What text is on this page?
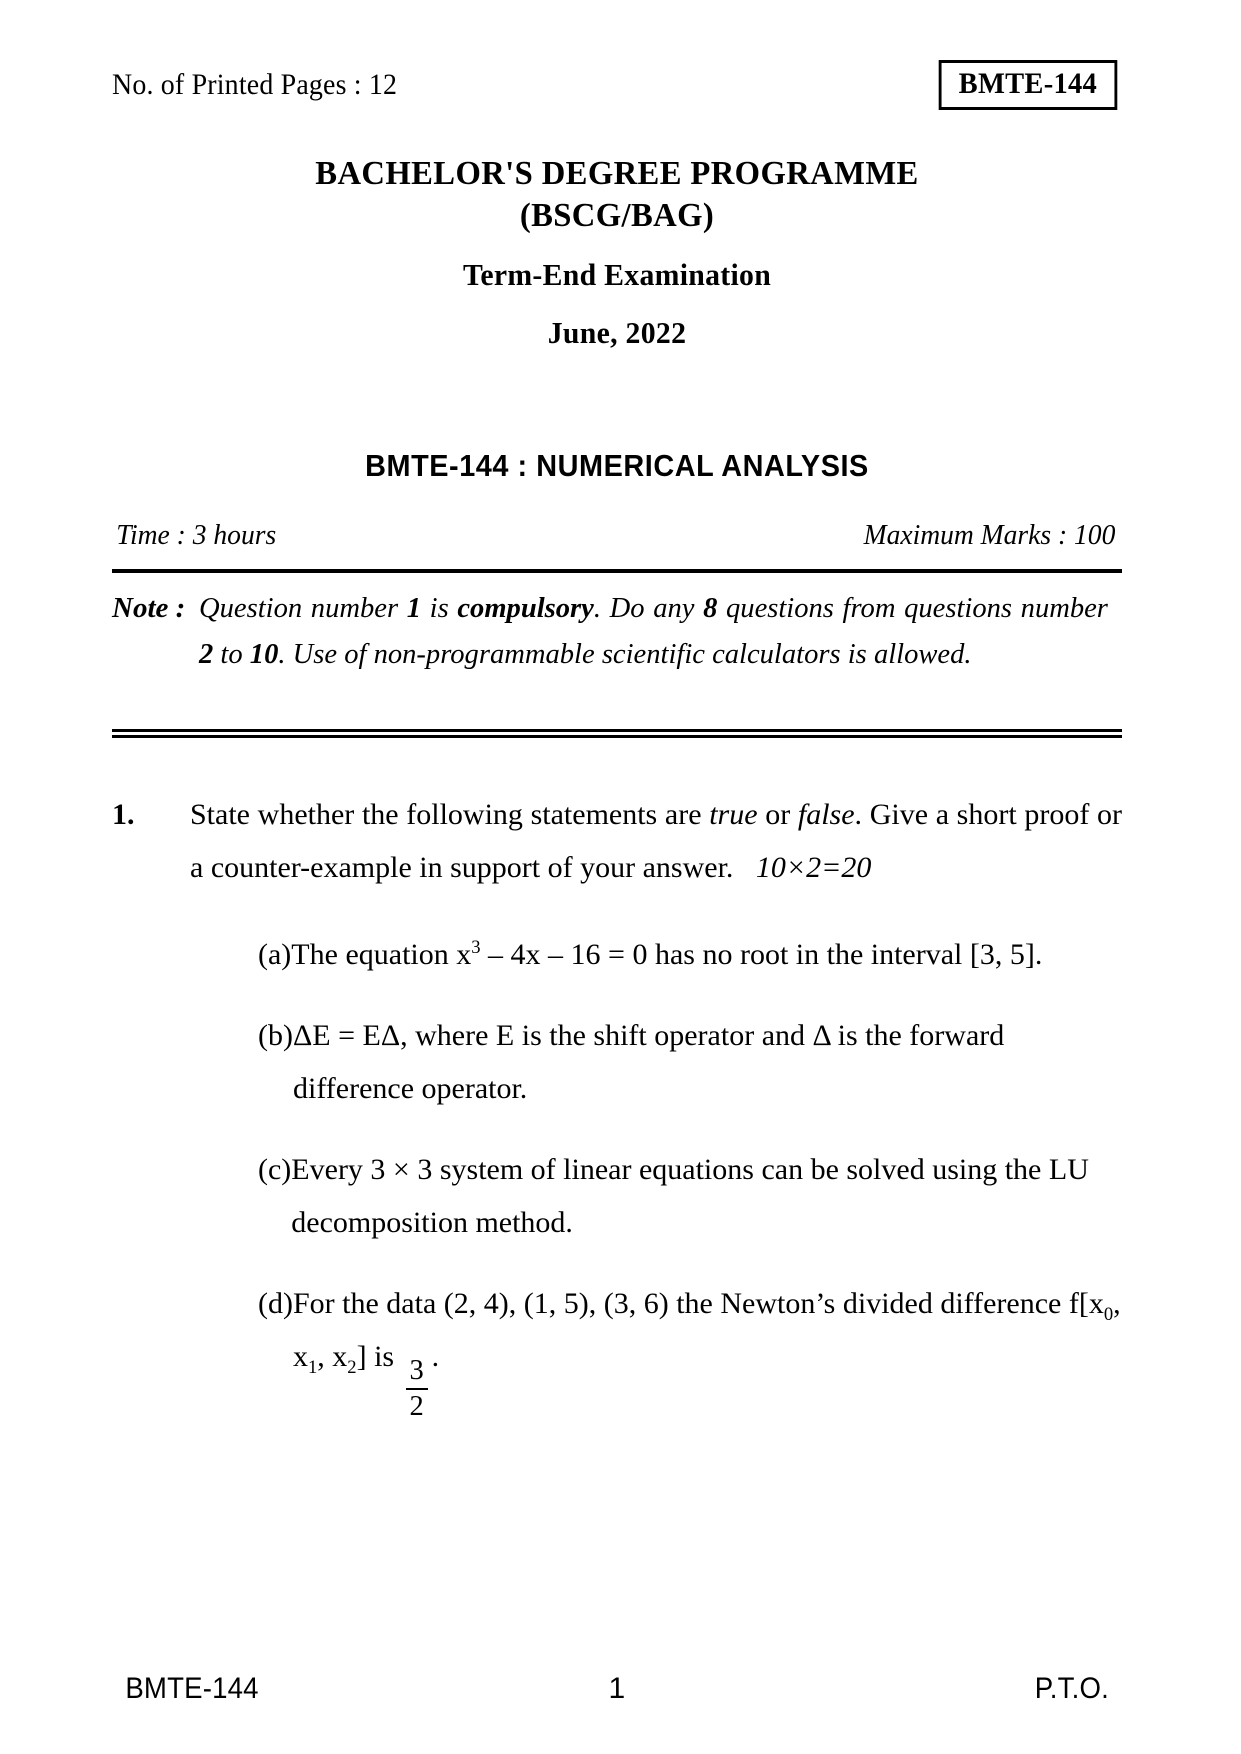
No. of Printed Pages : 12	BMTE-144
BACHELOR'S DEGREE PROGRAMME
(BSCG/BAG)
Term-End Examination
June, 2022
BMTE-144 : NUMERICAL ANALYSIS
Time : 3 hours	Maximum Marks : 100
Note : Question number 1 is compulsory. Do any 8 questions from questions number 2 to 10. Use of non-programmable scientific calculators is allowed.
1.	State whether the following statements are true or false. Give a short proof or a counter-example in support of your answer. 10×2=20
(a) The equation $x^3 - 4x - 16 = 0$ has no root in the interval [3, 5].
(b) ΔE = EΔ, where E is the shift operator and Δ is the forward difference operator.
(c) Every 3 × 3 system of linear equations can be solved using the LU decomposition method.
(d) For the data (2, 4), (1, 5), (3, 6) the Newton’s divided difference $f[x_0$, $x_1$, $x_2$] is $\frac{3}{2}$ .
BMTE-144	1	P.T.O.
